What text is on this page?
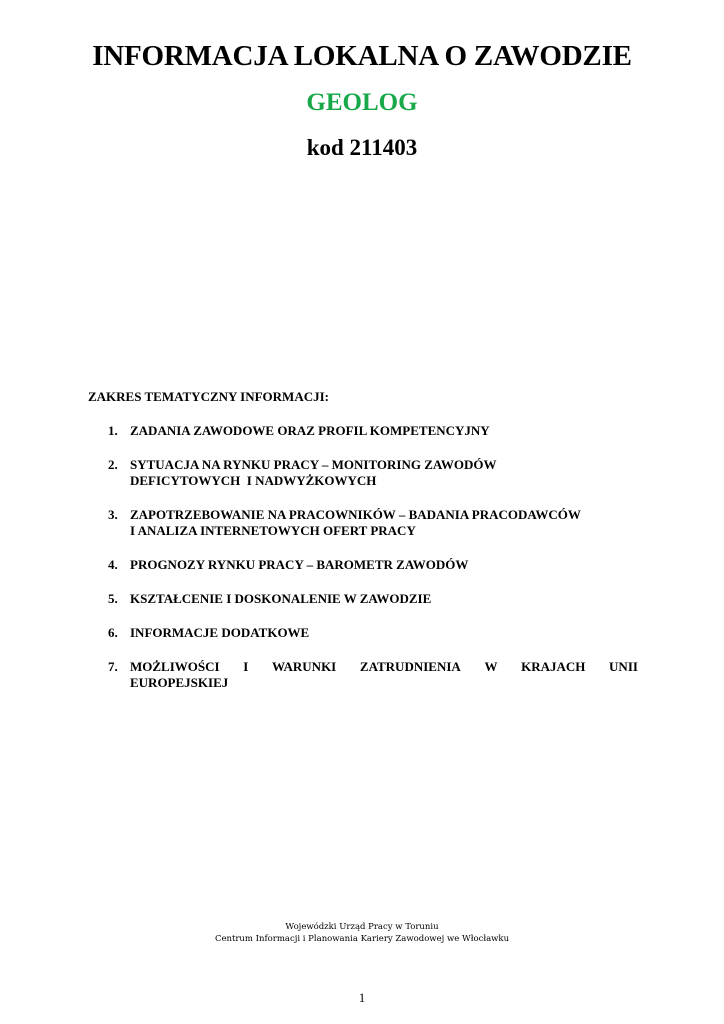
INFORMACJA LOKALNA O ZAWODZIE
GEOLOG
kod 211403
ZAKRES TEMATYCZNY INFORMACJI:
1. ZADANIA ZAWODOWE ORAZ PROFIL KOMPETENCYJNY
2. SYTUACJA NA RYNKU PRACY – MONITORING ZAWODÓW
DEFICYTOWYCH  I NADWYŻKOWYCH
3. ZAPOTRZEBOWANIE NA PRACOWNIKÓW – BADANIA PRACODAWCÓW
I ANALIZA INTERNETOWYCH OFERT PRACY
4. PROGNOZY RYNKU PRACY – BAROMETR ZAWODÓW
5. KSZTAŁCENIE I DOSKONALENIE W ZAWODZIE
6. INFORMACJE DODATKOWE
7. MOŻLIWOŚCI I WARUNKI ZATRUDNIENIA W KRAJACH UNII
EUROPEJSKIEJ
Wojewódzki Urząd Pracy w Toruniu
Centrum Informacji i Planowania Kariery Zawodowej we Włocławku
1
